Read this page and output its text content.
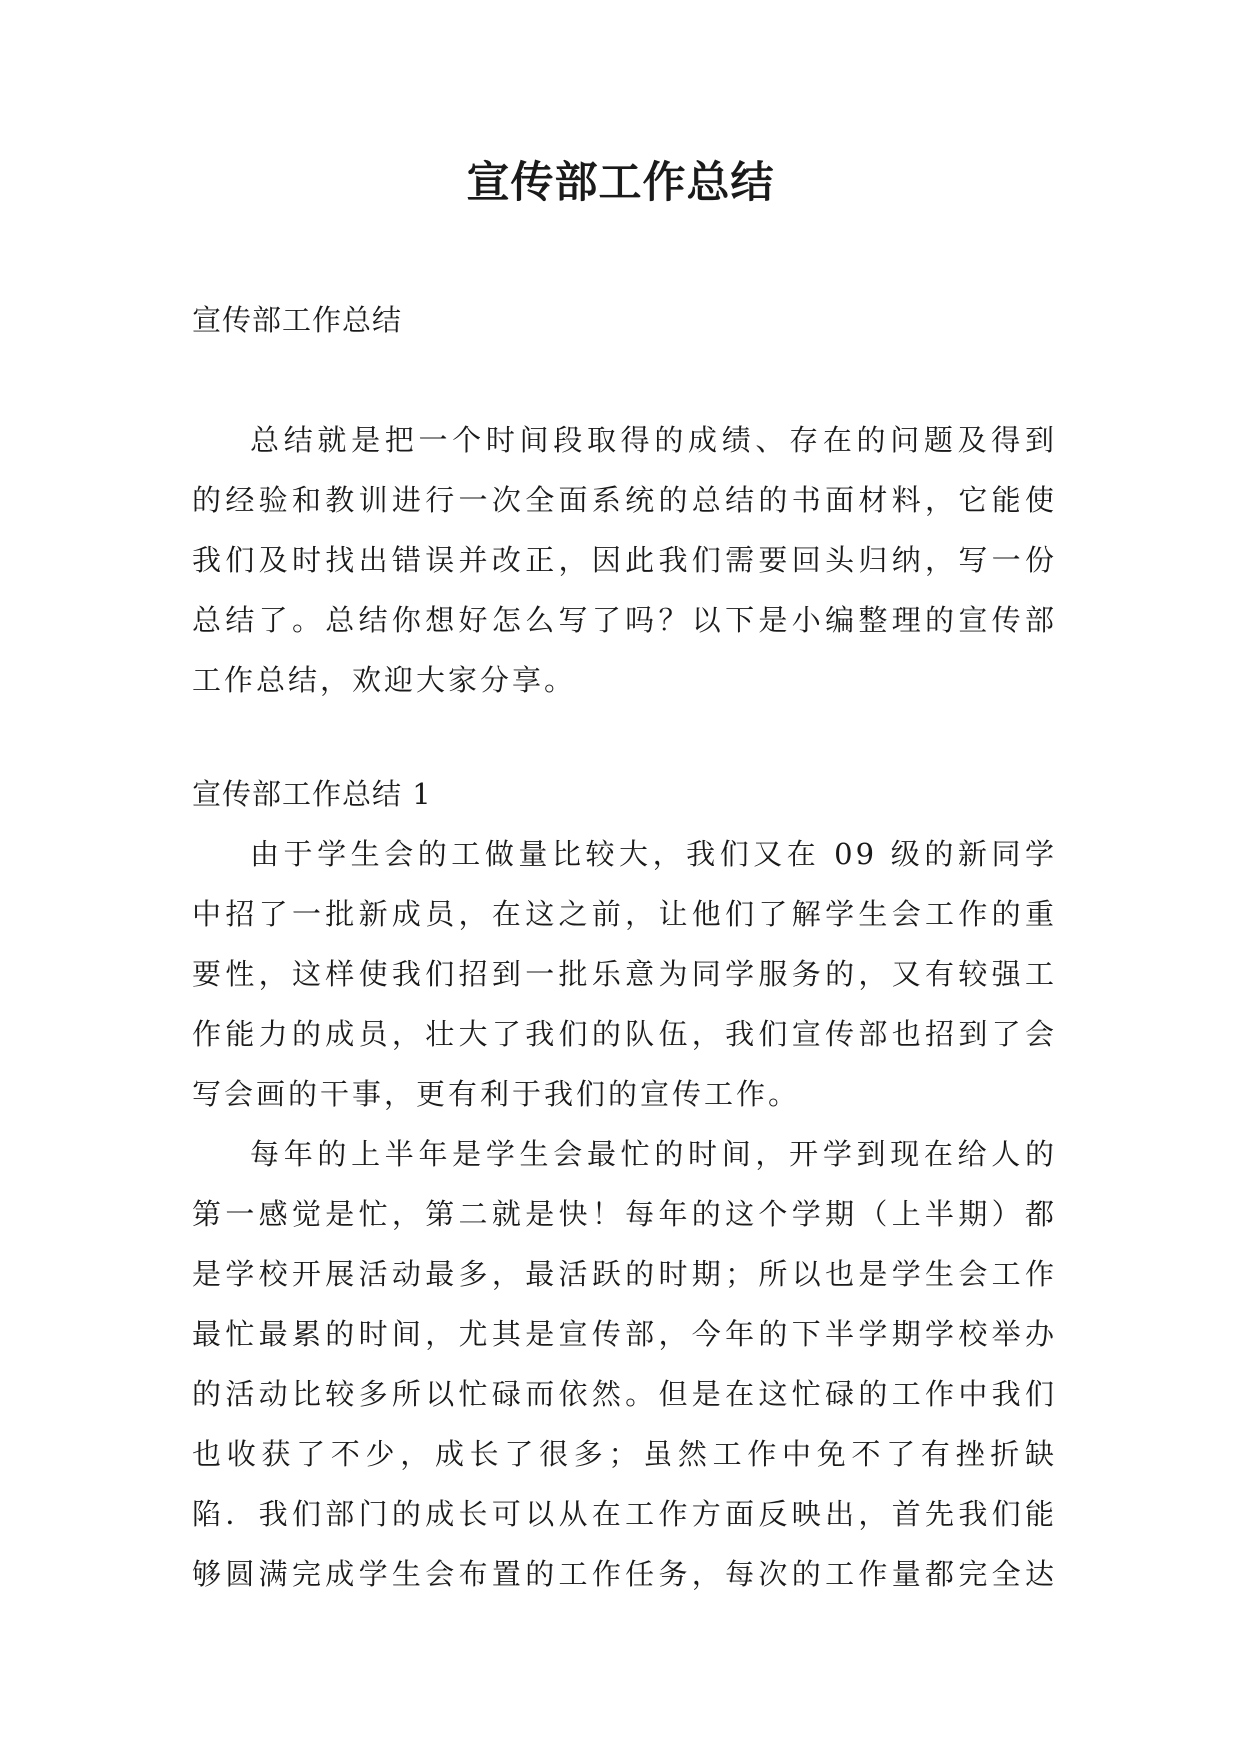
宣传部工作总结

宣传部工作总结

总结就是把一个时间段取得的成绩、存在的问题及得到
的经验和教训进行一次全面系统的总结的书面材料，它能使
我们及时找出错误并改正，因此我们需要回头归纳，写一份
总结了。总结你想好怎么写了吗？以下是小编整理的宣传部
工作总结，欢迎大家分享。

宣传部工作总结 1

由于学生会的工做量比较大，我们又在 09 级的新同学
中招了一批新成员，在这之前，让他们了解学生会工作的重
要性，这样使我们招到一批乐意为同学服务的，又有较强工
作能力的成员，壮大了我们的队伍，我们宣传部也招到了会
写会画的干事，更有利于我们的宣传工作。

每年的上半年是学生会最忙的时间，开学到现在给人的
第一感觉是忙，第二就是快！每年的这个学期（上半期）都
是学校开展活动最多，最活跃的时期；所以也是学生会工作
最忙最累的时间，尤其是宣传部，今年的下半学期学校举办
的活动比较多所以忙碌而依然。但是在这忙碌的工作中我们
也收获了不少，成长了很多；虽然工作中免不了有挫折缺
陷．我们部门的成长可以从在工作方面反映出，首先我们能
够圆满完成学生会布置的工作任务，每次的工作量都完全达
